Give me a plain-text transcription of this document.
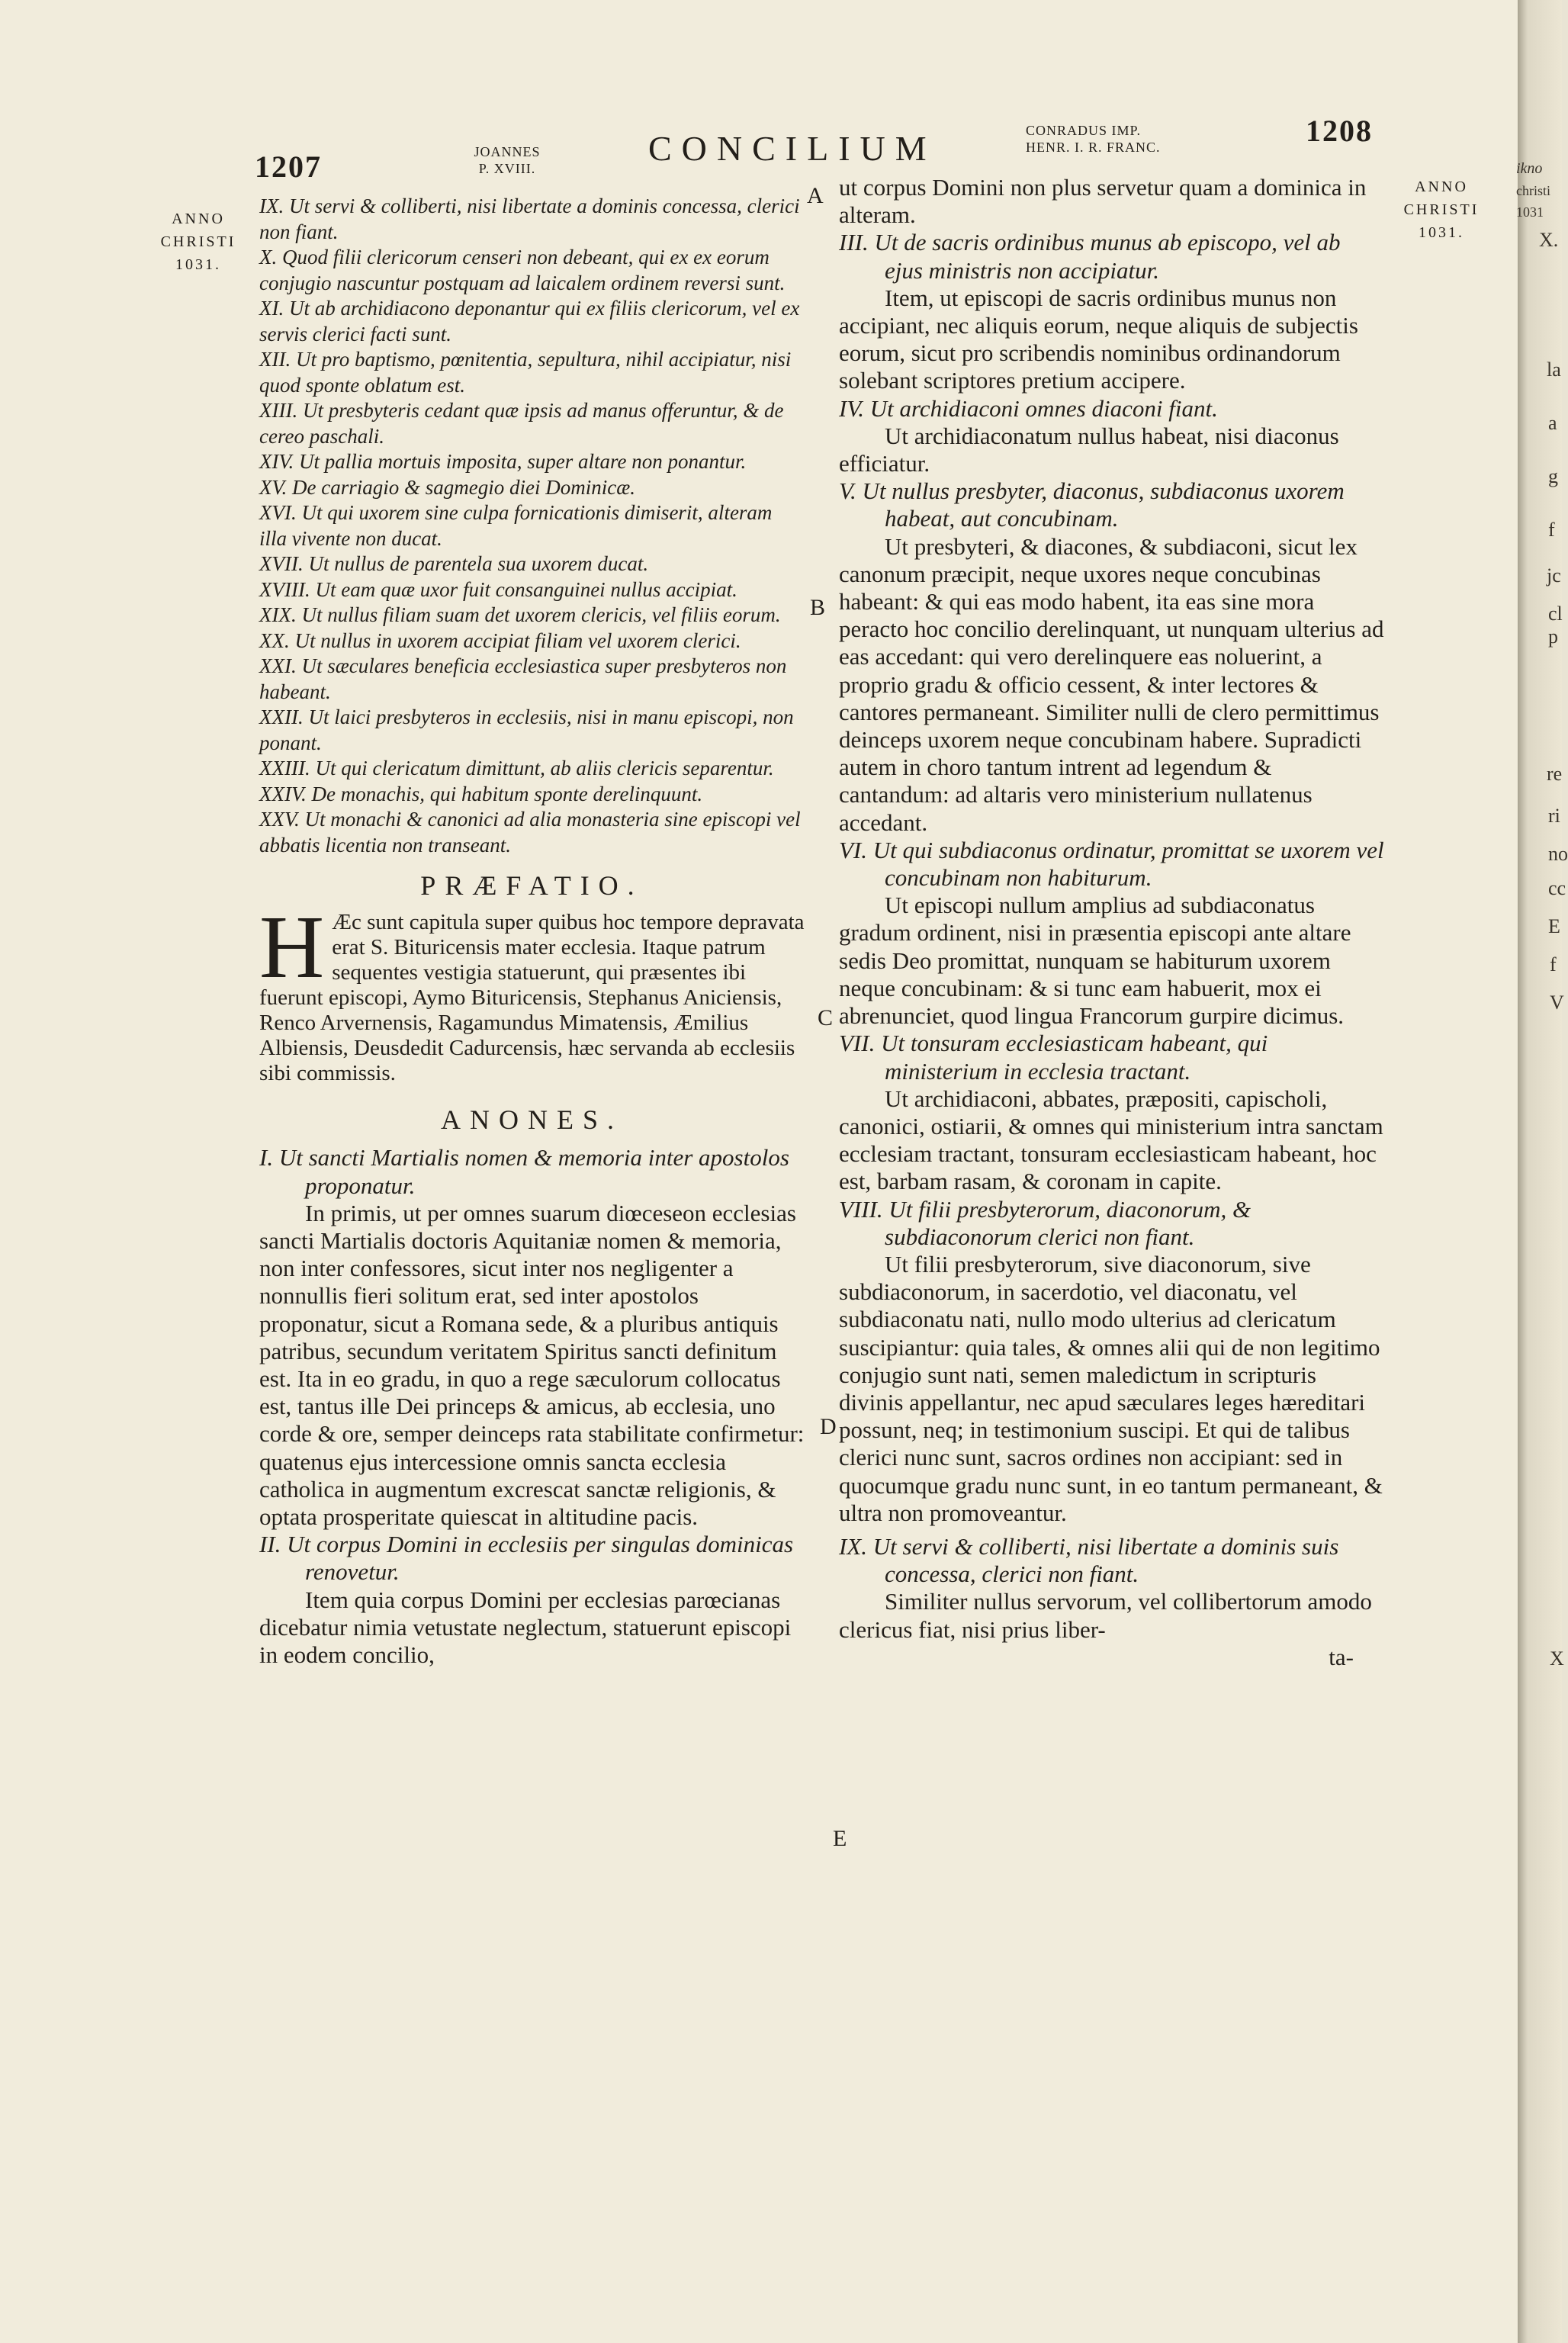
1207	JOANNES
P. XVIII.
CONCILIUM	CONRADUS IMP.
HENR. I. R. FRANC.	1208
ANNO
CHRISTI
1031.
ANNO
CHRISTI
1031.
A
B
C
D
E

IX. Ut servi & colliberti, nisi libertate a dominis concessa, clerici non fiant.

X. Quod filii clericorum censeri non debeant, qui ex ex eorum conjugio nascuntur postquam ad laicalem ordinem reversi sunt.

XI. Ut ab archidiacono deponantur qui ex filiis clericorum, vel ex servis clerici facti sunt.

XII. Ut pro baptismo, pœnitentia, sepultura, nihil accipiatur, nisi quod sponte oblatum est.

XIII. Ut presbyteris cedant quæ ipsis ad manus offeruntur, & de cereo paschali.

XIV. Ut pallia mortuis imposita, super altare non ponantur.

XV. De carriagio & sagmegio diei Dominicæ.

XVI. Ut qui uxorem sine culpa fornicationis dimiserit, alteram illa vivente non ducat.

XVII. Ut nullus de parentela sua uxorem ducat.

XVIII. Ut eam quæ uxor fuit consanguinei nullus accipiat.

XIX. Ut nullus filiam suam det uxorem clericis, vel filiis eorum.

XX. Ut nullus in uxorem accipiat filiam vel uxorem clerici.

XXI. Ut sæculares beneficia ecclesiastica super presbyteros non habeant.

XXII. Ut laici presbyteros in ecclesiis, nisi in manu episcopi, non ponant.

XXIII. Ut qui clericatum dimittunt, ab aliis clericis separentur.

XXIV. De monachis, qui habitum sponte derelinquunt.

XXV. Ut monachi & canonici ad alia monasteria sine episcopi vel abbatis licentia non transeant.

PRÆFATIO.

H Æc sunt capitula super quibus hoc tempore depravata erat S. Bituricensis mater ecclesia. Itaque patrum sequentes vestigia statuerunt, qui præsentes ibi fuerunt episcopi, Aymo Bituricensis, Stephanus Aniciensis, Renco Arvernensis, Ragamundus Mimatensis, Æmilius Albiensis, Deusdedit Cadurcensis, hæc servanda ab ecclesiis sibi commissis.

ANONES.

I. Ut sancti Martialis nomen & memoria inter apostolos proponatur.

In primis, ut per omnes suarum diœceseon ecclesias sancti Martialis doctoris Aquitaniæ nomen & memoria, non inter confessores, sicut inter nos negligenter a nonnullis fieri solitum erat, sed inter apostolos proponatur, sicut a Romana sede, & a pluribus antiquis patribus, secundum veritatem Spiritus sancti definitum est. Ita in eo gradu, in quo a rege sæculorum collocatus est, tantus ille Dei princeps & amicus, ab ecclesia, uno corde & ore, semper deinceps rata stabilitate confirmetur: quatenus ejus intercessione omnis sancta ecclesia catholica in augmentum excrescat sanctæ religionis, & optata prosperitate quiescat in altitudine pacis.

II. Ut corpus Domini in ecclesiis per singulas dominicas renovetur.

Item quia corpus Domini per ecclesias parœcianas dicebatur nimia vetustate neglectum, statuerunt episcopi in eodem concilio,

ut corpus Domini non plus servetur quam a dominica in alteram.

III. Ut de sacris ordinibus munus ab episcopo, vel ab ejus ministris non accipiatur.

Item, ut episcopi de sacris ordinibus munus non accipiant, nec aliquis eorum, neque aliquis de subjectis eorum, sicut pro scribendis nominibus ordinandorum solebant scriptores pretium accipere.

IV. Ut archidiaconi omnes diaconi fiant.

Ut archidiaconatum nullus habeat, nisi diaconus efficiatur.

V. Ut nullus presbyter, diaconus, subdiaconus uxorem habeat, aut concubinam.

Ut presbyteri, & diacones, & subdiaconi, sicut lex canonum præcipit, neque uxores neque concubinas habeant: & qui eas modo habent, ita eas sine mora peracto hoc concilio derelinquant, ut nunquam ulterius ad eas accedant: qui vero derelinquere eas noluerint, a proprio gradu & officio cessent, & inter lectores & cantores permaneant. Similiter nulli de clero permittimus deinceps uxorem neque concubinam habere. Supradicti autem in choro tantum intrent ad legendum & cantandum: ad altaris vero ministerium nullatenus accedant.

VI. Ut qui subdiaconus ordinatur, promittat se uxorem vel concubinam non habiturum.

Ut episcopi nullum amplius ad subdiaconatus gradum ordinent, nisi in præsentia episcopi ante altare sedis Deo promittat, nunquam se habiturum uxorem neque concubinam: & si tunc eam habuerit, mox ei abrenunciet, quod lingua Francorum gurpire dicimus.

VII. Ut tonsuram ecclesiasticam habeant, qui ministerium in ecclesia tractant.

Ut archidiaconi, abbates, præpositi, capischoli, canonici, ostiarii, & omnes qui ministerium intra sanctam ecclesiam tractant, tonsuram ecclesiasticam habeant, hoc est, barbam rasam, & coronam in capite.

VIII. Ut filii presbyterorum, diaconorum, & subdiaconorum clerici non fiant.

Ut filii presbyterorum, sive diaconorum, sive subdiaconorum, in sacerdotio, vel diaconatu, vel subdiaconatu nati, nullo modo ulterius ad clericatum suscipiantur: quia tales, & omnes alii qui de non legitimo conjugio sunt nati, semen maledictum in scripturis divinis appellantur, nec apud sæculares leges hæreditari possunt, neq; in testimonium suscipi. Et qui de talibus clerici nunc sunt, sacros ordines non accipiant: sed in quocumque gradu nunc sunt, in eo tantum permaneant, & ultra non promoveantur.

IX. Ut servi & colliberti, nisi libertate a dominis suis concessa, clerici non fiant.

Similiter nullus servorum, vel collibertorum amodo clericus fiat, nisi prius liber-

ta-

ikno
christi
1031
X.
la
a
g
f
jc
cl
p
re
ri
no
cc
E
f
V
X
